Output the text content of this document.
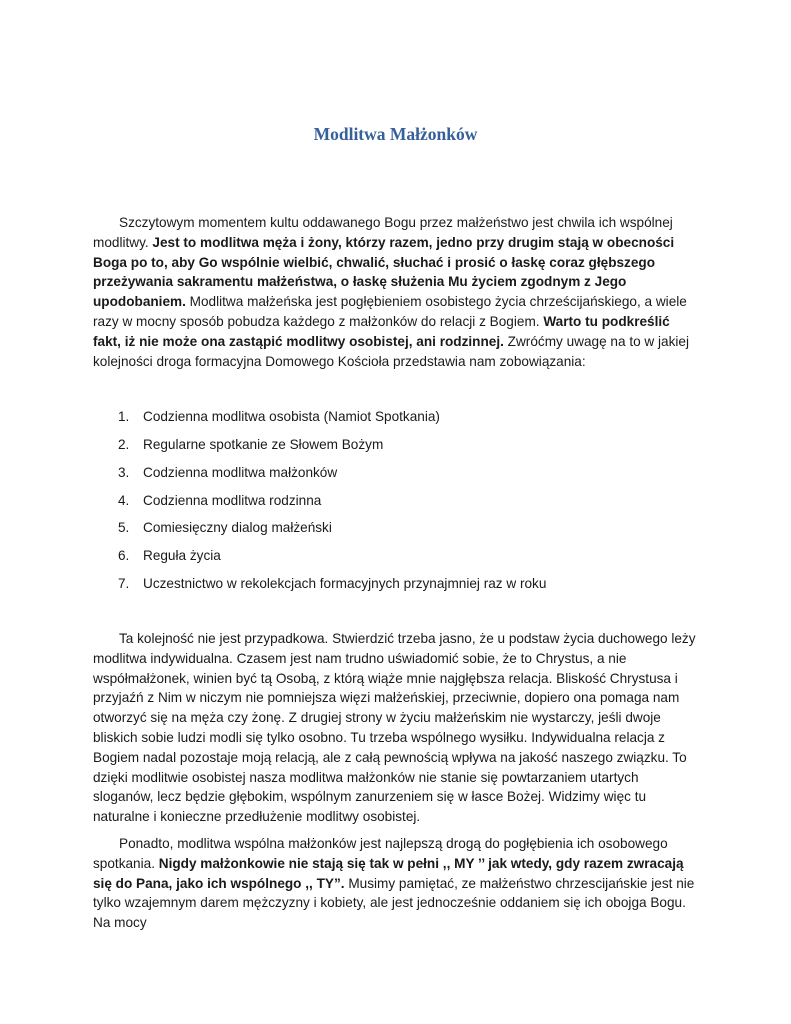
Modlitwa Małżonków

Szczytowym momentem kultu oddawanego Bogu przez małżeństwo jest chwila ich wspólnej modlitwy. Jest to modlitwa męża i żony, którzy razem, jedno przy drugim stają w obecności Boga po to, aby Go wspólnie wielbić, chwalić, słuchać i prosić o łaskę coraz głębszego przeżywania sakramentu małżeństwa, o łaskę służenia Mu życiem zgodnym z Jego upodobaniem. Modlitwa małżeńska jest pogłębieniem osobistego życia chrześcijańskiego, a wiele razy w mocny sposób pobudza każdego z małżonków do relacji z Bogiem. Warto tu podkreślić fakt, iż nie może ona zastąpić modlitwy osobistej, ani rodzinnej. Zwróćmy uwagę na to w jakiej kolejności droga formacyjna Domowego Kościoła przedstawia nam zobowiązania:

1. Codzienna modlitwa osobista (Namiot Spotkania)
2. Regularne spotkanie ze Słowem Bożym
3. Codzienna modlitwa małżonków
4. Codzienna modlitwa rodzinna
5. Comiesięczny dialog małżeński
6. Reguła życia
7. Uczestnictwo w rekolekcjach formacyjnych przynajmniej raz w roku

Ta kolejność nie jest przypadkowa. Stwierdzić trzeba jasno, że u podstaw życia duchowego leży modlitwa indywidualna. Czasem jest nam trudno uświadomić sobie, że to Chrystus, a nie współmałżonek, winien być tą Osobą, z którą wiąże mnie najgłębsza relacja. Bliskość Chrystusa i przyjaźń z Nim w niczym nie pomniejsza więzi małżeńskiej, przeciwnie, dopiero ona pomaga nam otworzyć się na męża czy żonę. Z drugiej strony w życiu małżeńskim nie wystarczy, jeśli dwoje bliskich sobie ludzi modli się tylko osobno. Tu trzeba wspólnego wysiłku. Indywidualna relacja z Bogiem nadal pozostaje moją relacją, ale z całą pewnością wpływa na jakość naszego związku. To dzięki modlitwie osobistej nasza modlitwa małżonków nie stanie się powtarzaniem utartych sloganów, lecz będzie głębokim, wspólnym zanurzeniem się w łasce Bożej. Widzimy więc tu naturalne i konieczne przedłużenie modlitwy osobistej.

Ponadto, modlitwa wspólna małżonków jest najlepszą drogą do pogłębienia ich osobowego spotkania. Nigdy małżonkowie nie stają się tak w pełni ,, MY ’’ jak wtedy, gdy razem zwracają się do Pana, jako ich wspólnego ,, TY”. Musimy pamiętać, ze małżeństwo chrzescijańskie jest nie tylko wzajemnym darem mężczyzny i kobiety, ale jest jednocześnie oddaniem się ich obojga Bogu. Na mocy
